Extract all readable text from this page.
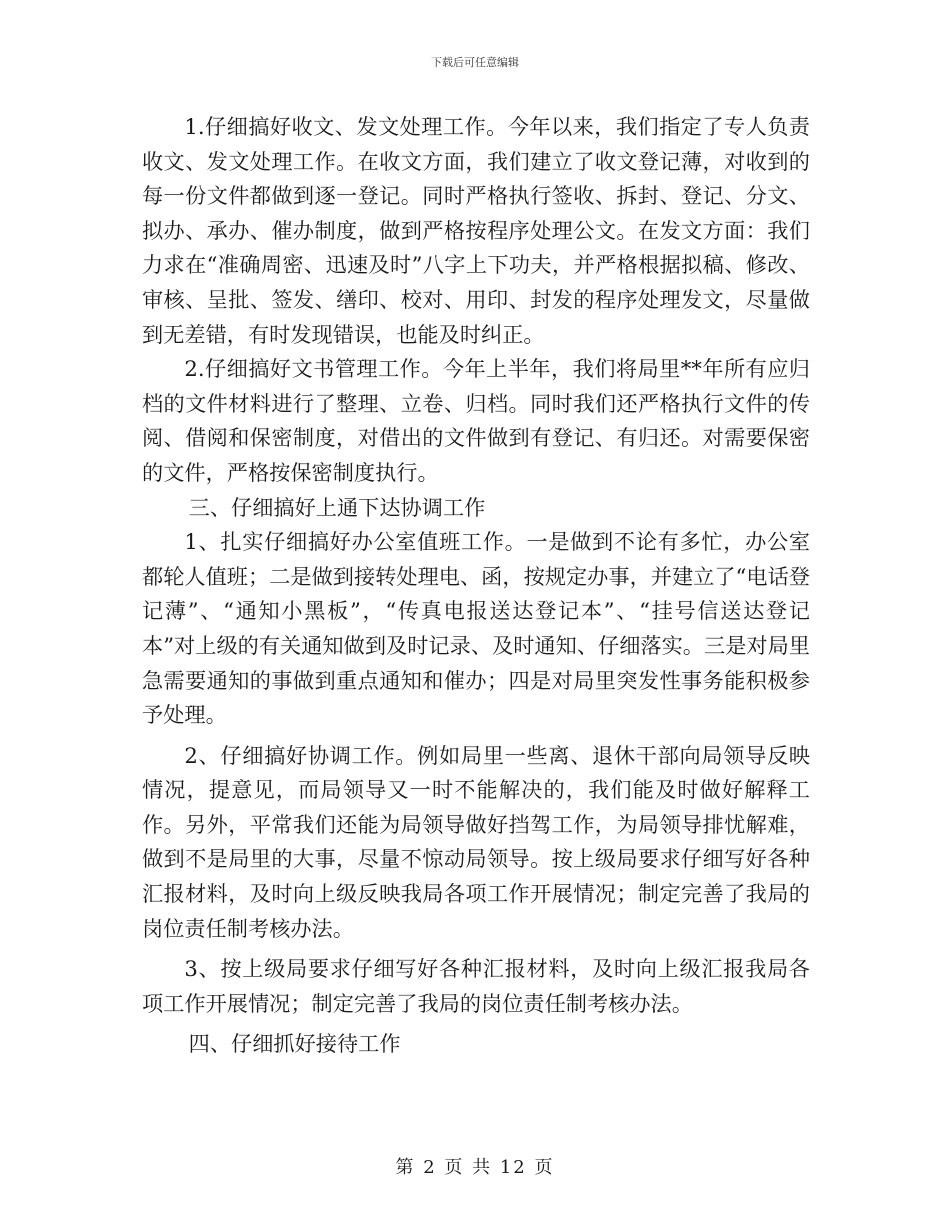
下载后可任意编辑

1.仔细搞好收文、发文处理工作。今年以来，我们指定了专人负责收文、发文处理工作。在收文方面，我们建立了收文登记薄，对收到的每一份文件都做到逐一登记。同时严格执行签收、拆封、登记、分文、拟办、承办、催办制度，做到严格按程序处理公文。在发文方面：我们力求在“准确周密、迅速及时”八字上下功夫，并严格根据拟稿、修改、审核、呈批、签发、缮印、校对、用印、封发的程序处理发文，尽量做到无差错，有时发现错误，也能及时纠正。

2.仔细搞好文书管理工作。今年上半年，我们将局里**年所有应归档的文件材料进行了整理、立卷、归档。同时我们还严格执行文件的传阅、借阅和保密制度，对借出的文件做到有登记、有归还。对需要保密的文件，严格按保密制度执行。

三、仔细搞好上通下达协调工作

1、扎实仔细搞好办公室值班工作。一是做到不论有多忙，办公室都轮人值班；二是做到接转处理电、函，按规定办事，并建立了“电话登记薄”、“通知小黑板”，“传真电报送达登记本”、“挂号信送达登记本”对上级的有关通知做到及时记录、及时通知、仔细落实。三是对局里急需要通知的事做到重点通知和催办；四是对局里突发性事务能积极参予处理。

2、仔细搞好协调工作。例如局里一些离、退休干部向局领导反映情况，提意见，而局领导又一时不能解决的，我们能及时做好解释工作。另外，平常我们还能为局领导做好挡驾工作，为局领导排忧解难，做到不是局里的大事，尽量不惊动局领导。按上级局要求仔细写好各种汇报材料，及时向上级反映我局各项工作开展情况；制定完善了我局的岗位责任制考核办法。

3、按上级局要求仔细写好各种汇报材料，及时向上级汇报我局各项工作开展情况；制定完善了我局的岗位责任制考核办法。

四、仔细抓好接待工作

第 2 页 共 12 页
